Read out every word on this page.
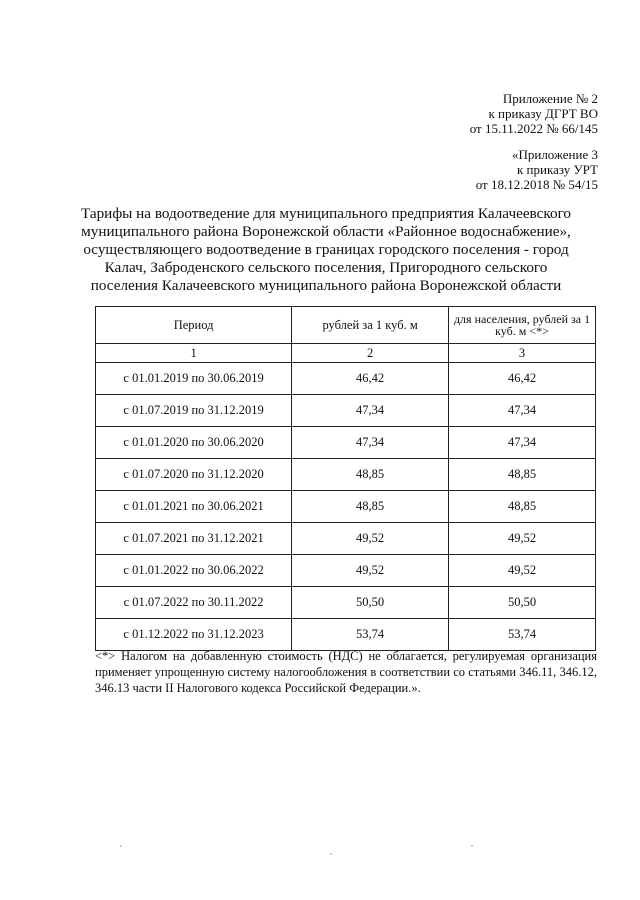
Приложение № 2
к приказу ДГРТ ВО
от 15.11.2022 № 66/145
«Приложение 3
к приказу УРТ
от 18.12.2018 № 54/15
Тарифы на водоотведение для муниципального предприятия Калачеевского
муниципального района Воронежской области «Районное водоснабжение»,
осуществляющего водоотведение в границах городского поселения - город
Калач, Заброденского сельского поселения, Пригородного сельского
поселения Калачеевского муниципального района Воронежской области
Период	рублей за 1 куб. м	для населения, рублей за 1 куб. м <*>
1	2	3
с 01.01.2019 по 30.06.2019	46,42	46,42
с 01.07.2019 по 31.12.2019	47,34	47,34
с 01.01.2020 по 30.06.2020	47,34	47,34
с 01.07.2020 по 31.12.2020	48,85	48,85
с 01.01.2021 по 30.06.2021	48,85	48,85
с 01.07.2021 по 31.12.2021	49,52	49,52
с 01.01.2022 по 30.06.2022	49,52	49,52
с 01.07.2022 по 30.11.2022	50,50	50,50
с 01.12.2022 по 31.12.2023	53,74	53,74
<*> Налогом на добавленную стоимость (НДС) не облагается, регулируемая организация применяет упрощенную систему налогообложения в соответствии со статьями 346.11, 346.12, 346.13 части II Налогового кодекса Российской Федерации.».
